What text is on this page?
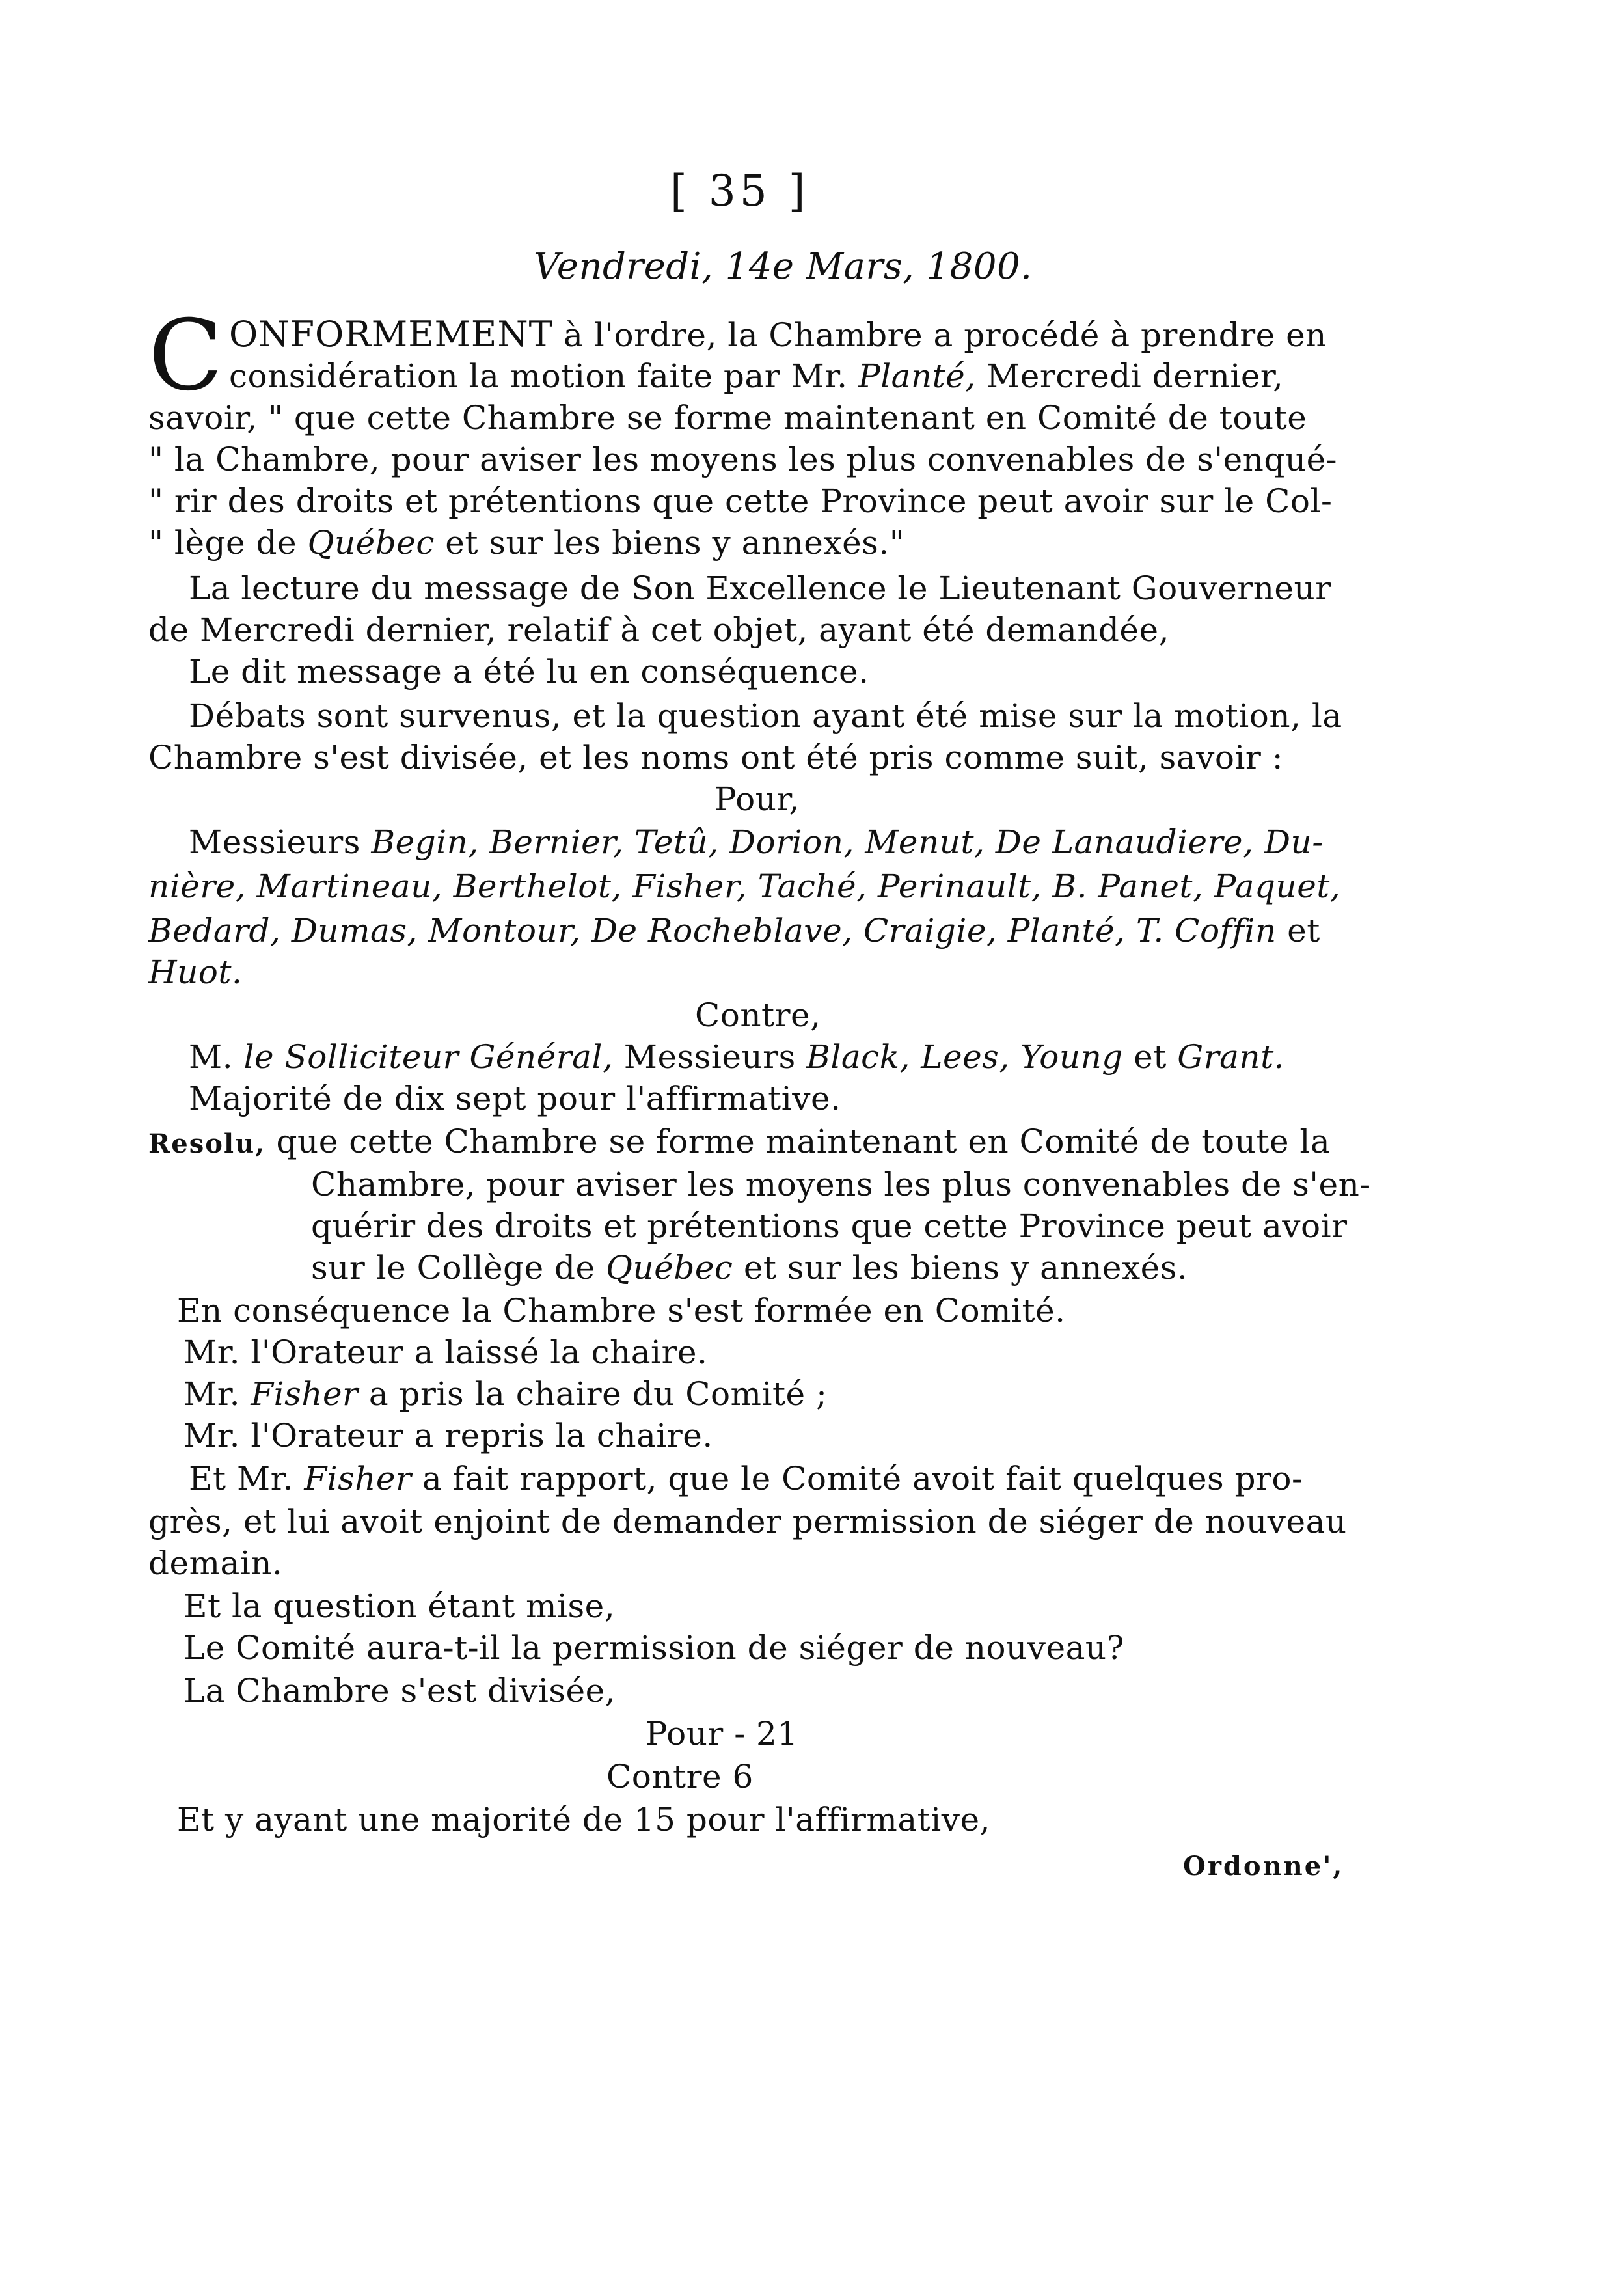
[ 35 ]
Vendredi, 14e Mars, 1800.
C ONFORMEMENT à l'ordre, la Chambre a procédé à prendre en
considération la motion faite par Mr. Planté, Mercredi dernier,
savoir, " que cette Chambre se forme maintenant en Comité de toute
" la Chambre, pour aviser les moyens les plus convenables de s'enqué-
" rir des droits et prétentions que cette Province peut avoir sur le Col-
" lège de Québec et sur les biens y annexés."
La lecture du message de Son Excellence le Lieutenant Gouverneur
de Mercredi dernier, relatif à cet objet, ayant été demandée,
Le dit message a été lu en conséquence.
Débats sont survenus, et la question ayant été mise sur la motion, la
Chambre s'est divisée, et les noms ont été pris comme suit, savoir :
Pour,
Messieurs Begin, Bernier, Tetû, Dorion, Menut, De Lanaudiere, Du-
nière, Martineau, Berthelot, Fisher, Taché, Perinault, B. Panet, Paquet,
Bedard, Dumas, Montour, De Rocheblave, Craigie, Planté, T. Coffin et
Huot.
Contre,
M. le Solliciteur Général, Messieurs Black, Lees, Young et Grant.
Majorité de dix sept pour l'affirmative.
Resolu, que cette Chambre se forme maintenant en Comité de toute la
Chambre, pour aviser les moyens les plus convenables de s'en-
quérir des droits et prétentions que cette Province peut avoir
sur le Collège de Québec et sur les biens y annexés.
En conséquence la Chambre s'est formée en Comité.
Mr. l'Orateur a laissé la chaire.
Mr. Fisher a pris la chaire du Comité ;
Mr. l'Orateur a repris la chaire.
Et Mr. Fisher a fait rapport, que le Comité avoit fait quelques pro-
grès, et lui avoit enjoint de demander permission de siéger de nouveau
demain.
Et la question étant mise,
Le Comité aura-t-il la permission de siéger de nouveau?
La Chambre s'est divisée,
Pour - 21
Contre 6
Et y ayant une majorité de 15 pour l'affirmative,
Ordonne',
